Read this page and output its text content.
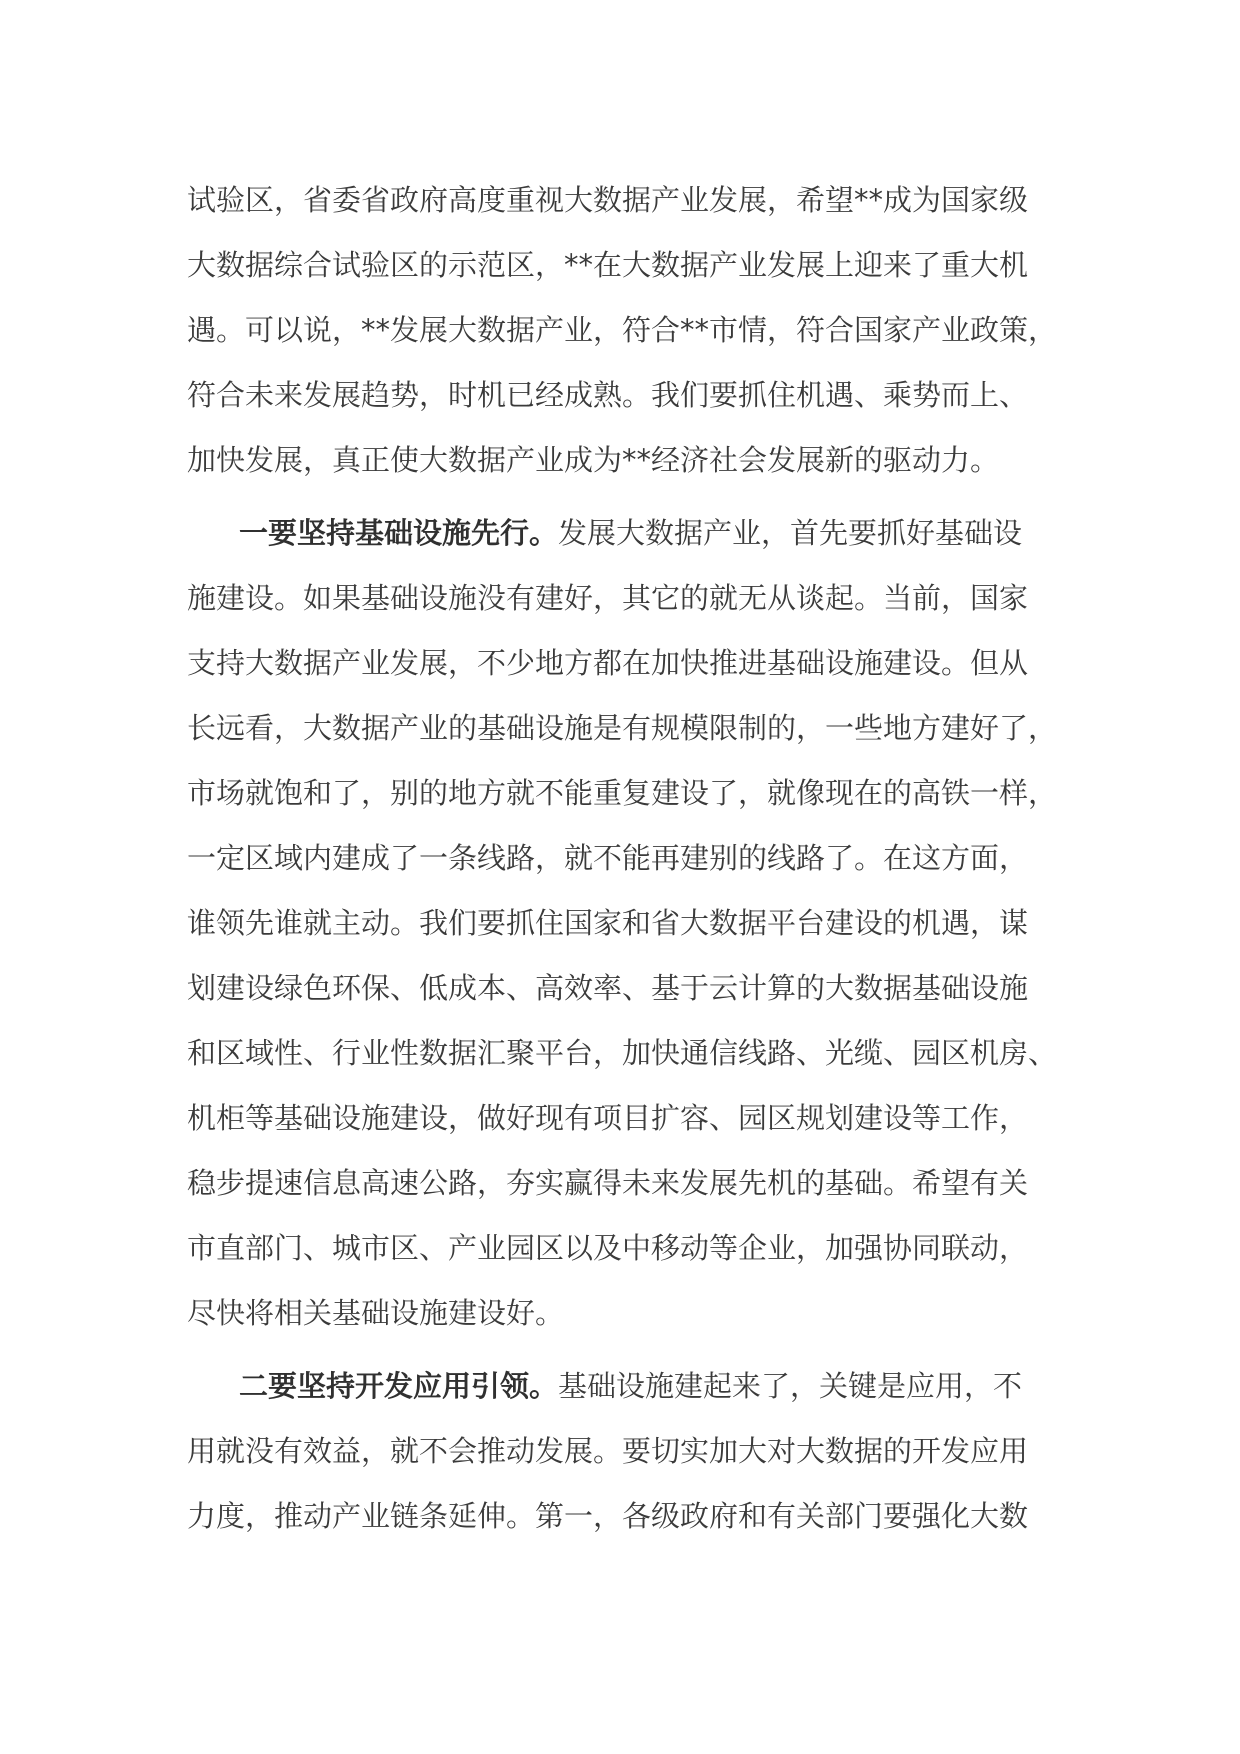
试验区，省委省政府高度重视大数据产业发展，希望**成为国家级
大数据综合试验区的示范区，**在大数据产业发展上迎来了重大机
遇。可以说，**发展大数据产业，符合**市情，符合国家产业政策，
符合未来发展趋势，时机已经成熟。我们要抓住机遇、乘势而上、
加快发展，真正使大数据产业成为**经济社会发展新的驱动力。
一要坚持基础设施先行。发展大数据产业，首先要抓好基础设
施建设。如果基础设施没有建好，其它的就无从谈起。当前，国家
支持大数据产业发展，不少地方都在加快推进基础设施建设。但从
长远看，大数据产业的基础设施是有规模限制的，一些地方建好了，
市场就饱和了，别的地方就不能重复建设了，就像现在的高铁一样，
一定区域内建成了一条线路，就不能再建别的线路了。在这方面，
谁领先谁就主动。我们要抓住国家和省大数据平台建设的机遇，谋
划建设绿色环保、低成本、高效率、基于云计算的大数据基础设施
和区域性、行业性数据汇聚平台，加快通信线路、光缆、园区机房、
机柜等基础设施建设，做好现有项目扩容、园区规划建设等工作，
稳步提速信息高速公路，夯实赢得未来发展先机的基础。希望有关
市直部门、城市区、产业园区以及中移动等企业，加强协同联动，
尽快将相关基础设施建设好。
二要坚持开发应用引领。基础设施建起来了，关键是应用，不
用就没有效益，就不会推动发展。要切实加大对大数据的开发应用
力度，推动产业链条延伸。第一，各级政府和有关部门要强化大数
